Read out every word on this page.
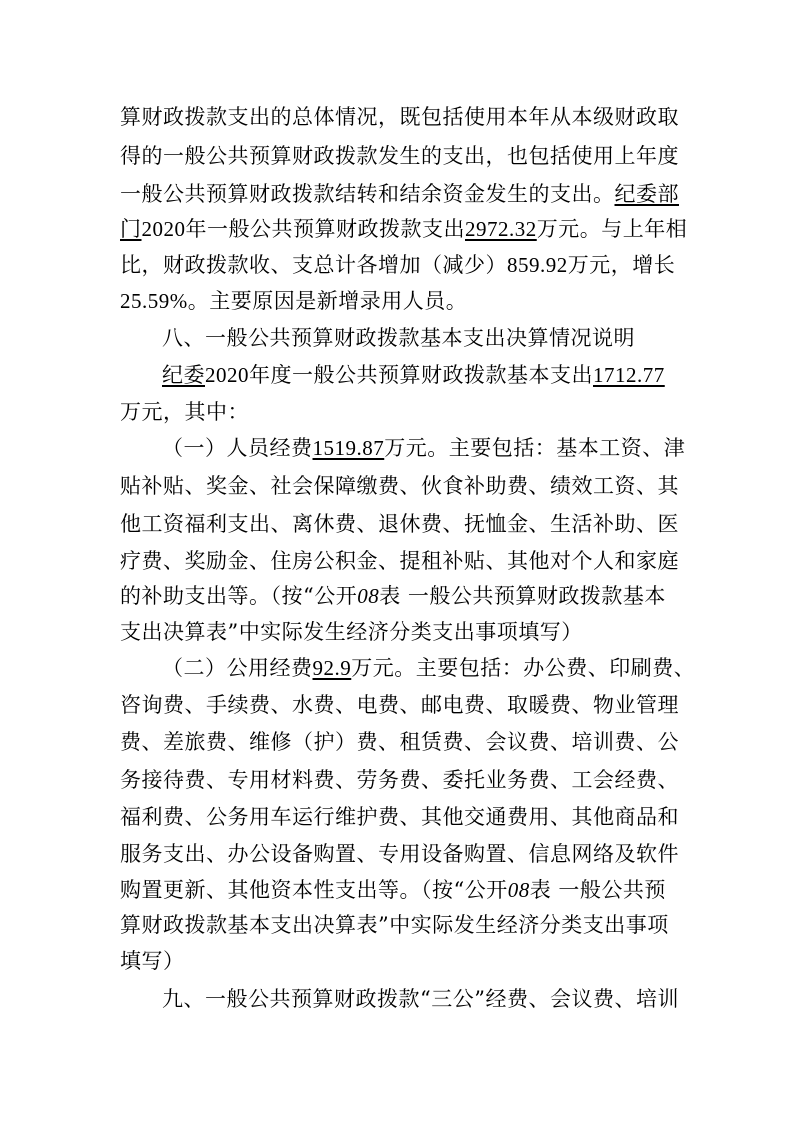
算财政拨款支出的总体情况，既包括使用本年从本级财政取
得的一般公共预算财政拨款发生的支出，也包括使用上年度
一般公共预算财政拨款结转和结余资金发生的支出。纪委部
门2020年一般公共预算财政拨款支出2972.32万元。与上年相
比，财政拨款收、支总计各增加（减少）859.92万元，增长
25.59%。主要原因是新增录用人员。
八、一般公共预算财政拨款基本支出决算情况说明
纪委2020年度一般公共预算财政拨款基本支出1712.77
万元，其中：
（一）人员经费1519.87万元。主要包括：基本工资、津
贴补贴、奖金、社会保障缴费、伙食补助费、绩效工资、其
他工资福利支出、离休费、退休费、抚恤金、生活补助、医
疗费、奖励金、住房公积金、提租补贴、其他对个人和家庭
的补助支出等。（按“公开08表 一般公共预算财政拨款基本
支出决算表”中实际发生经济分类支出事项填写）
（二）公用经费92.9万元。主要包括：办公费、印刷费、
咨询费、手续费、水费、电费、邮电费、取暖费、物业管理
费、差旅费、维修（护）费、租赁费、会议费、培训费、公
务接待费、专用材料费、劳务费、委托业务费、工会经费、
福利费、公务用车运行维护费、其他交通费用、其他商品和
服务支出、办公设备购置、专用设备购置、信息网络及软件
购置更新、其他资本性支出等。（按“公开08表 一般公共预
算财政拨款基本支出决算表”中实际发生经济分类支出事项
填写）
九、一般公共预算财政拨款“三公”经费、会议费、培训
